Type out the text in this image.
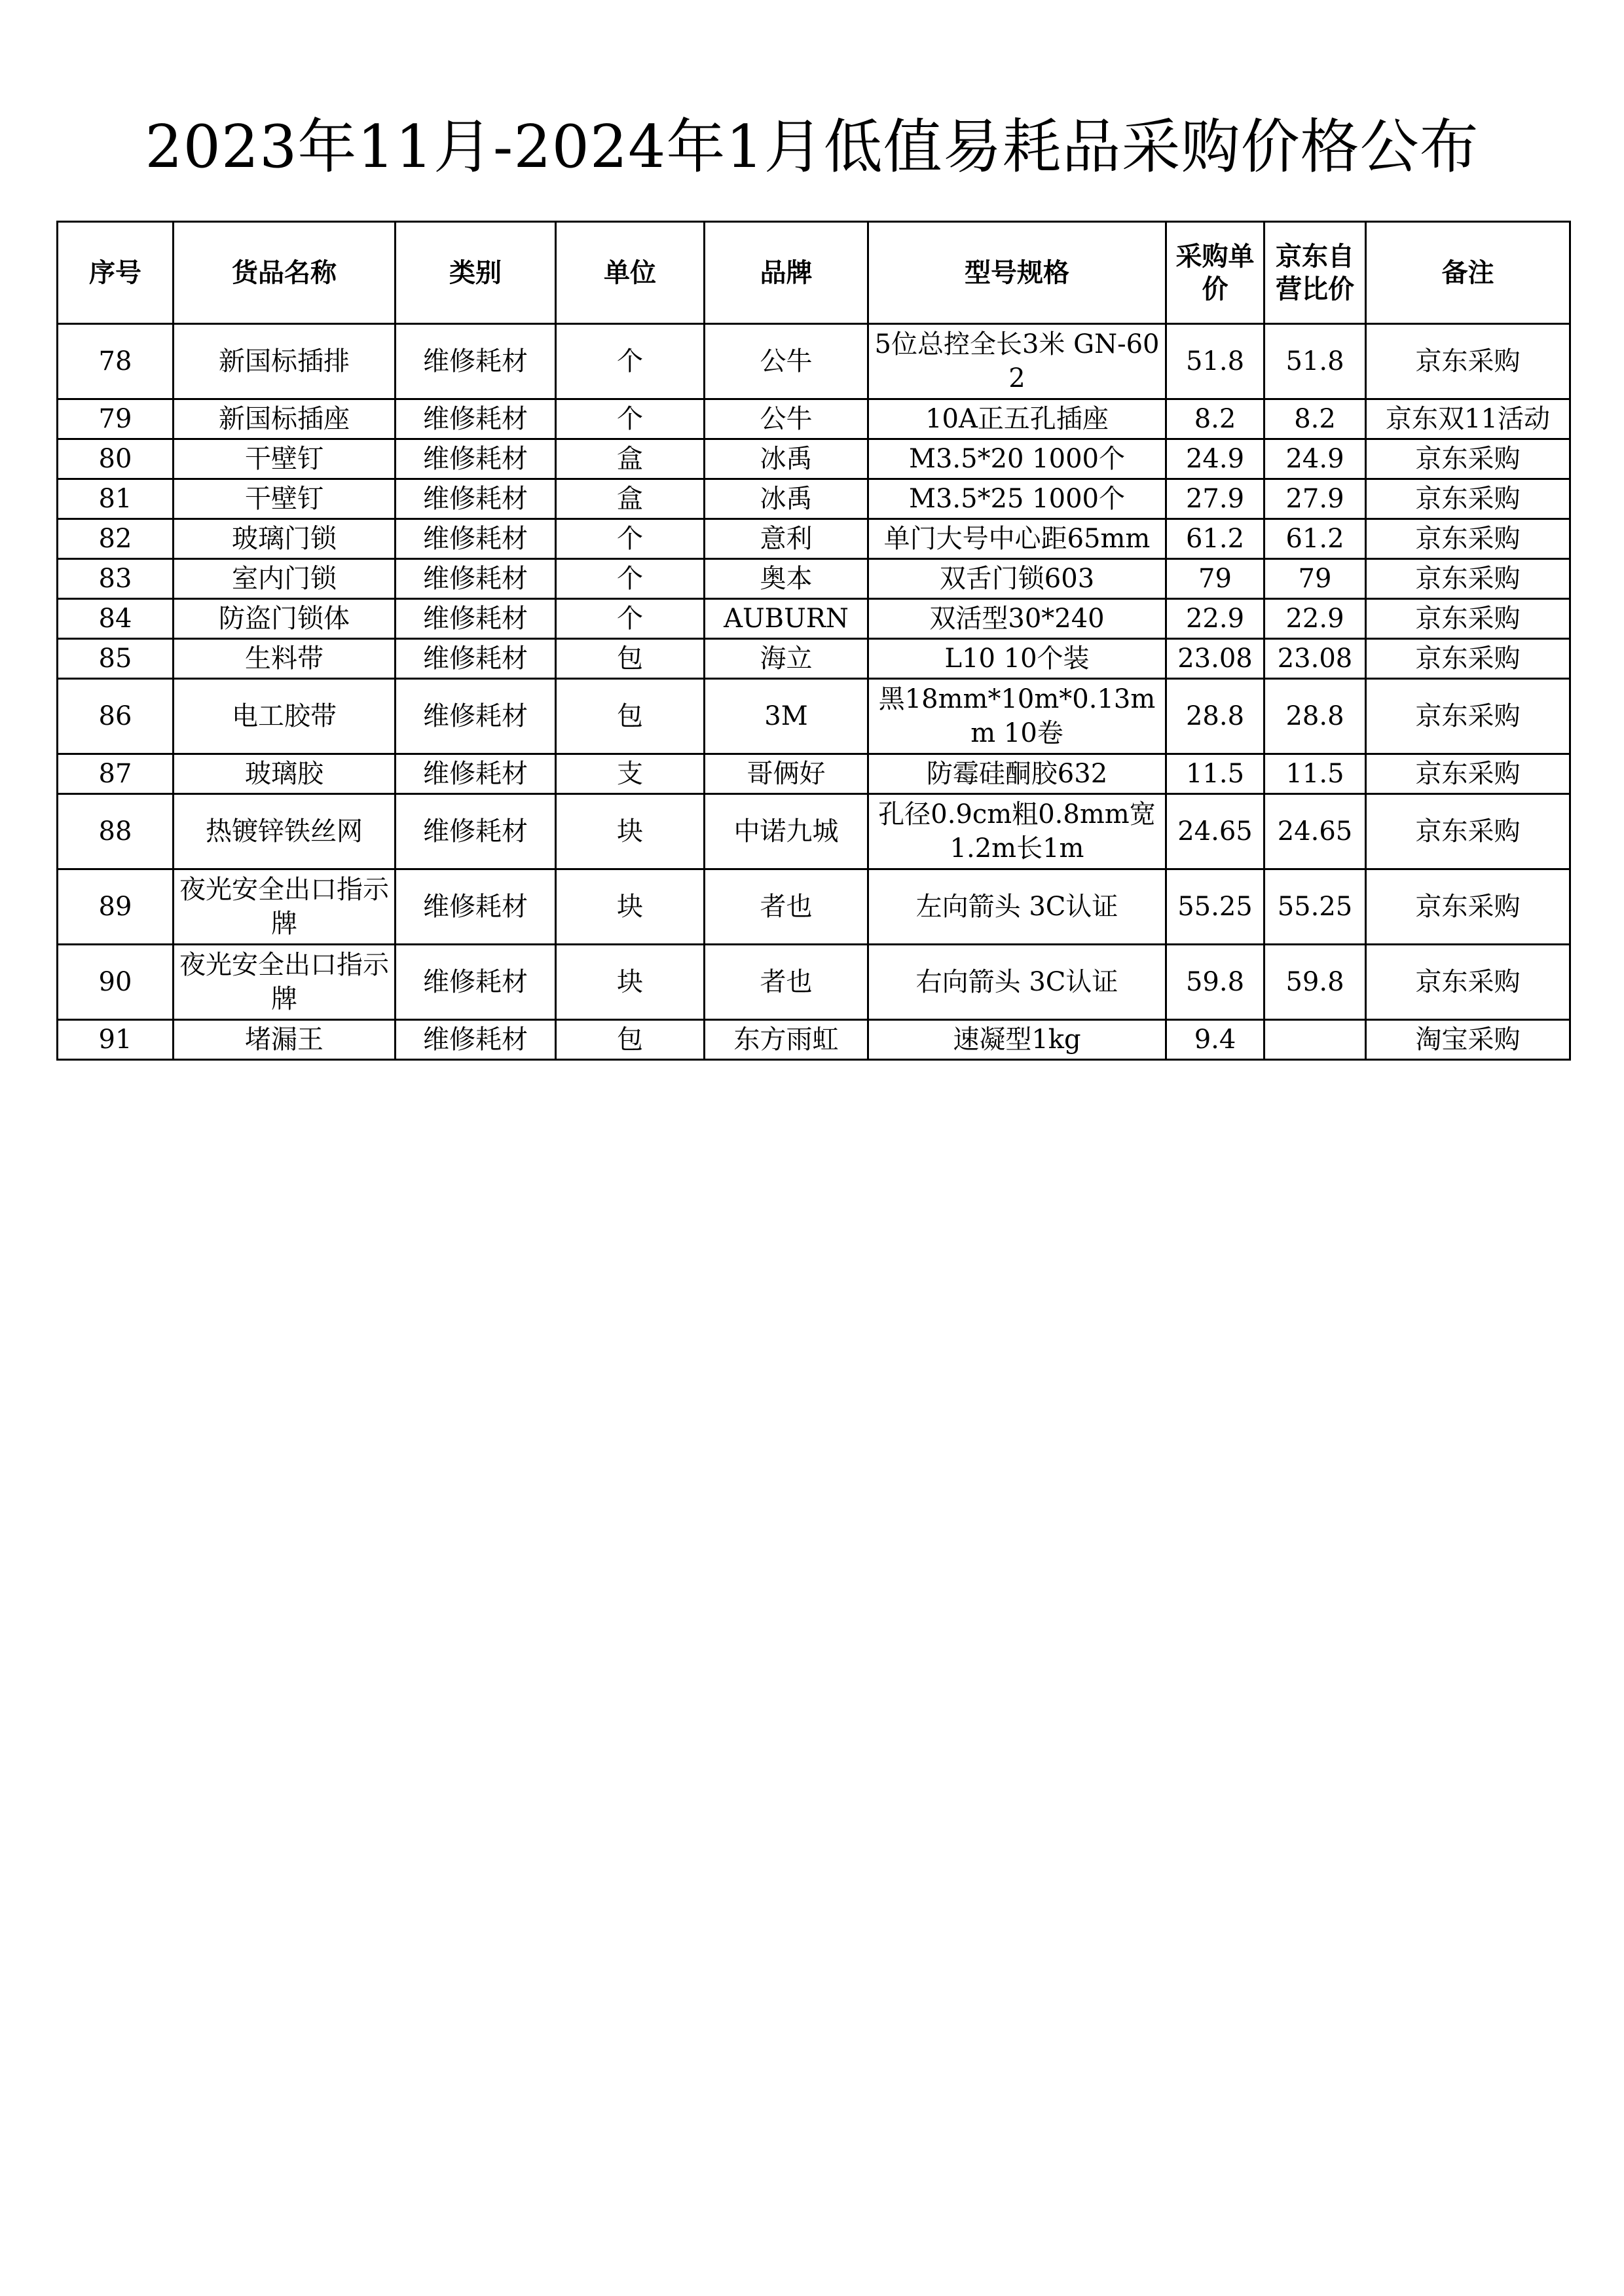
2023年11月-2024年1月低值易耗品采购价格公布
序号	货品名称	类别	单位	品牌	型号规格	采购单价	京东自营比价	备注
78	新国标插排	维修耗材	个	公牛	5位总控全长3米 GN-602	51.8	51.8	京东采购
79	新国标插座	维修耗材	个	公牛	10A正五孔插座	8.2	8.2	京东双11活动
80	干壁钉	维修耗材	盒	冰禹	M3.5*20 1000个	24.9	24.9	京东采购
81	干壁钉	维修耗材	盒	冰禹	M3.5*25 1000个	27.9	27.9	京东采购
82	玻璃门锁	维修耗材	个	意利	单门大号中心距65mm	61.2	61.2	京东采购
83	室内门锁	维修耗材	个	奥本	双舌门锁603	79	79	京东采购
84	防盗门锁体	维修耗材	个	AUBURN	双活型30*240	22.9	22.9	京东采购
85	生料带	维修耗材	包	海立	L10 10个装	23.08	23.08	京东采购
86	电工胶带	维修耗材	包	3M	黑18mm*10m*0.13mm 10卷	28.8	28.8	京东采购
87	玻璃胶	维修耗材	支	哥俩好	防霉硅酮胶632	11.5	11.5	京东采购
88	热镀锌铁丝网	维修耗材	块	中诺九城	孔径0.9cm粗0.8mm宽1.2m长1m	24.65	24.65	京东采购
89	夜光安全出口指示牌	维修耗材	块	者也	左向箭头 3C认证	55.25	55.25	京东采购
90	夜光安全出口指示牌	维修耗材	块	者也	右向箭头 3C认证	59.8	59.8	京东采购
91	堵漏王	维修耗材	包	东方雨虹	速凝型1kg	9.4		淘宝采购
